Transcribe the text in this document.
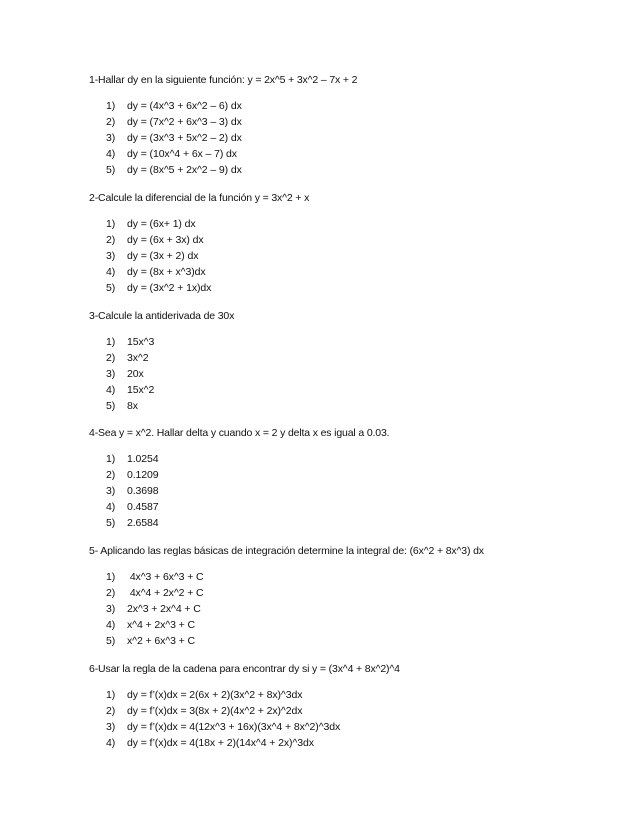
1-Hallar dy en la siguiente función: y = 2x^5 + 3x^2 – 7x + 2
1) dy = (4x^3 + 6x^2 – 6) dx
2) dy = (7x^2 + 6x^3 – 3) dx
3) dy = (3x^3 + 5x^2 – 2) dx
4) dy = (10x^4 + 6x – 7) dx
5) dy = (8x^5 + 2x^2 – 9) dx
2-Calcule la diferencial de la función y = 3x^2 + x
1) dy = (6x+ 1) dx
2) dy = (6x + 3x) dx
3) dy = (3x + 2) dx
4) dy = (8x + x^3)dx
5) dy = (3x^2 + 1x)dx
3-Calcule la antiderivada de 30x
1) 15x^3
2) 3x^2
3) 20x
4) 15x^2
5) 8x
4-Sea y = x^2. Hallar delta y cuando x = 2 y delta x es igual a 0.03.
1) 1.0254
2) 0.1209
3) 0.3698
4) 0.4587
5) 2.6584
5- Aplicando las reglas básicas de integración determine la integral de: (6x^2 + 8x^3) dx
1) 4x^3 + 6x^3 + C
2) 4x^4 + 2x^2 + C
3) 2x^3 + 2x^4 + C
4) x^4 + 2x^3 + C
5) x^2 + 6x^3 + C
6-Usar la regla de la cadena para encontrar dy si y = (3x^4 + 8x^2)^4
1) dy = f’(x)dx = 2(6x + 2)(3x^2 + 8x)^3dx
2) dy = f’(x)dx = 3(8x + 2)(4x^2 + 2x)^2dx
3) dy = f’(x)dx = 4(12x^3 + 16x)(3x^4 + 8x^2)^3dx
4) dy = f’(x)dx = 4(18x + 2)(14x^4 + 2x)^3dx
